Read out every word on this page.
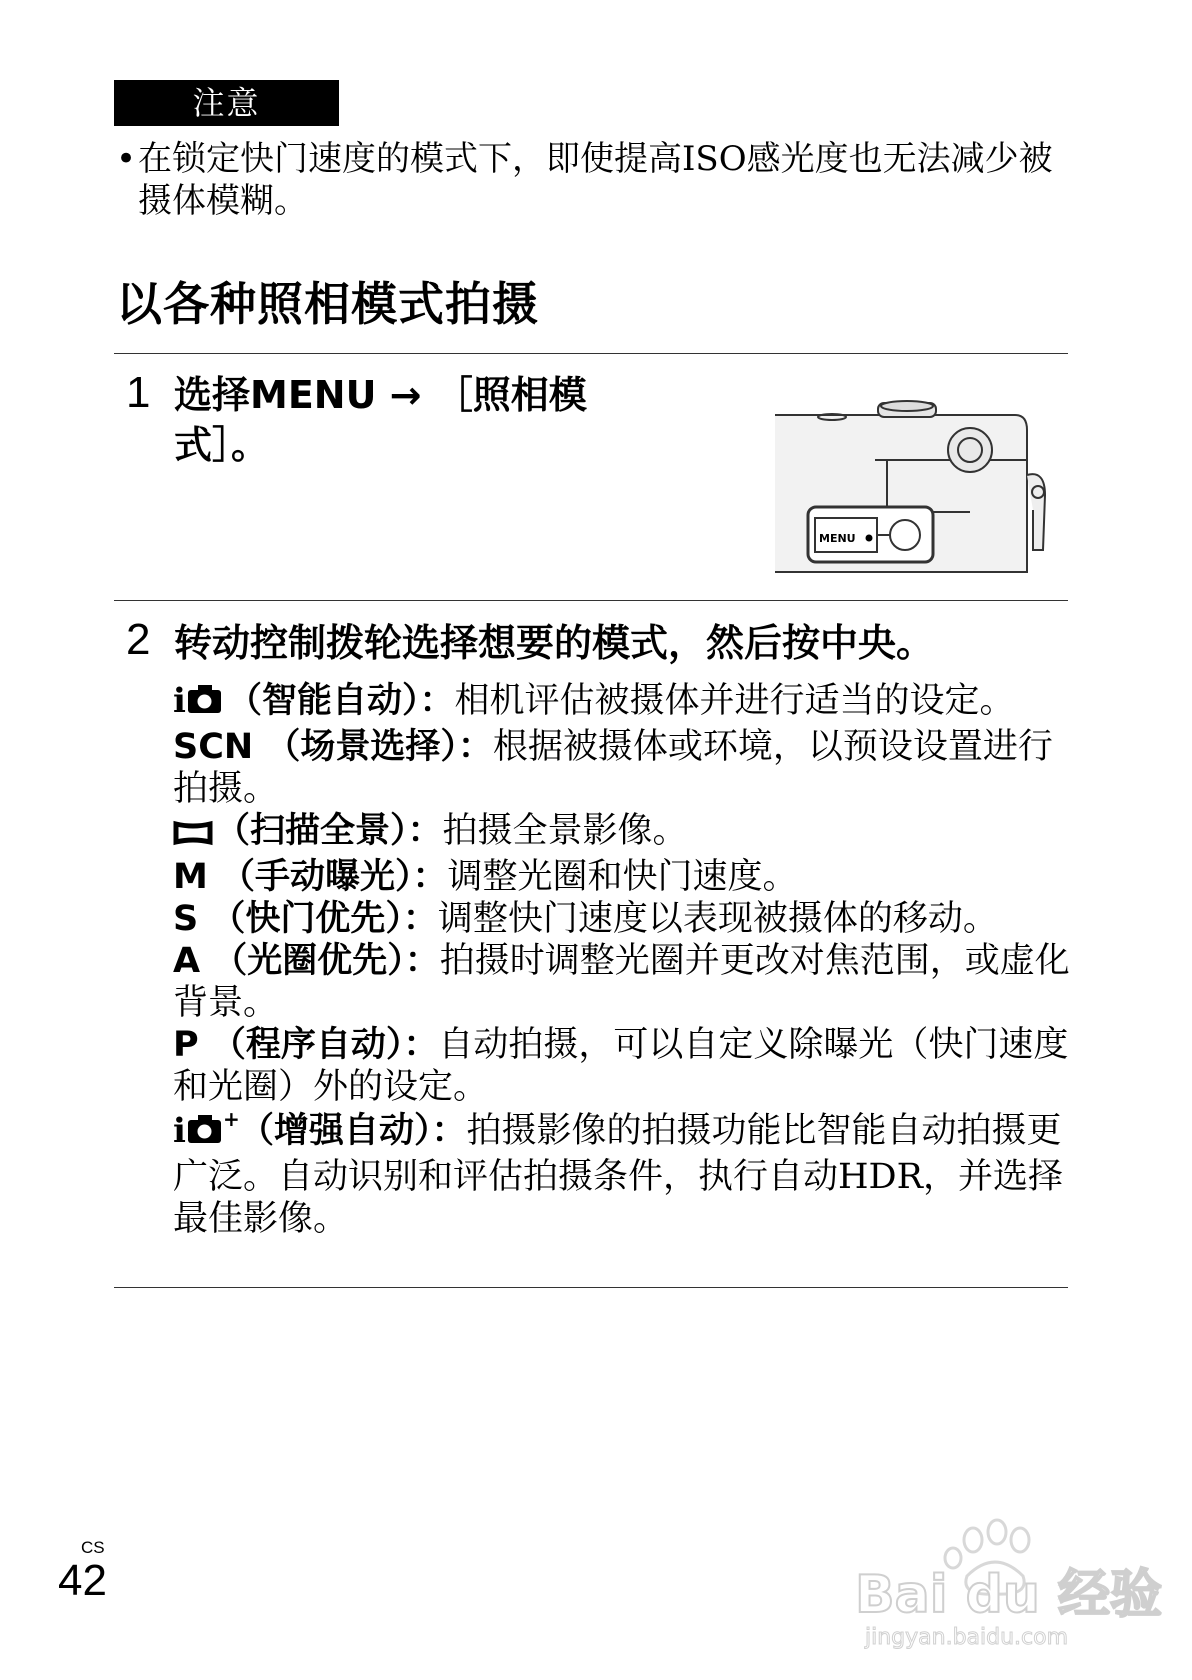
注意
• 在锁定快门速度的模式下，即使提高ISO感光度也无法减少被摄体模糊。
以各种照相模式拍摄
1 选择MENU → ［照相模
式］。
MENU
2 转动控制拨轮选择想要的模式，然后按中央。
i （智能自动）：相机评估被摄体并进行适当的设定。
SCN （场景选择）：根据被摄体或环境，以预设设置进行拍摄。
（扫描全景）：拍摄全景影像。
M （手动曝光）：调整光圈和快门速度。
S （快门优先）：调整快门速度以表现被摄体的移动。
A （光圈优先）：拍摄时调整光圈并更改对焦范围，或虚化背景。
P （程序自动）：自动拍摄，可以自定义除曝光（快门速度和光圈）外的设定。
i + （增强自动）：拍摄影像的拍摄功能比智能自动拍摄更广泛。自动识别和评估拍摄条件，执行自动HDR，并选择最佳影像。
CS
42	Bai du 经验
jingyan.baidu.com
